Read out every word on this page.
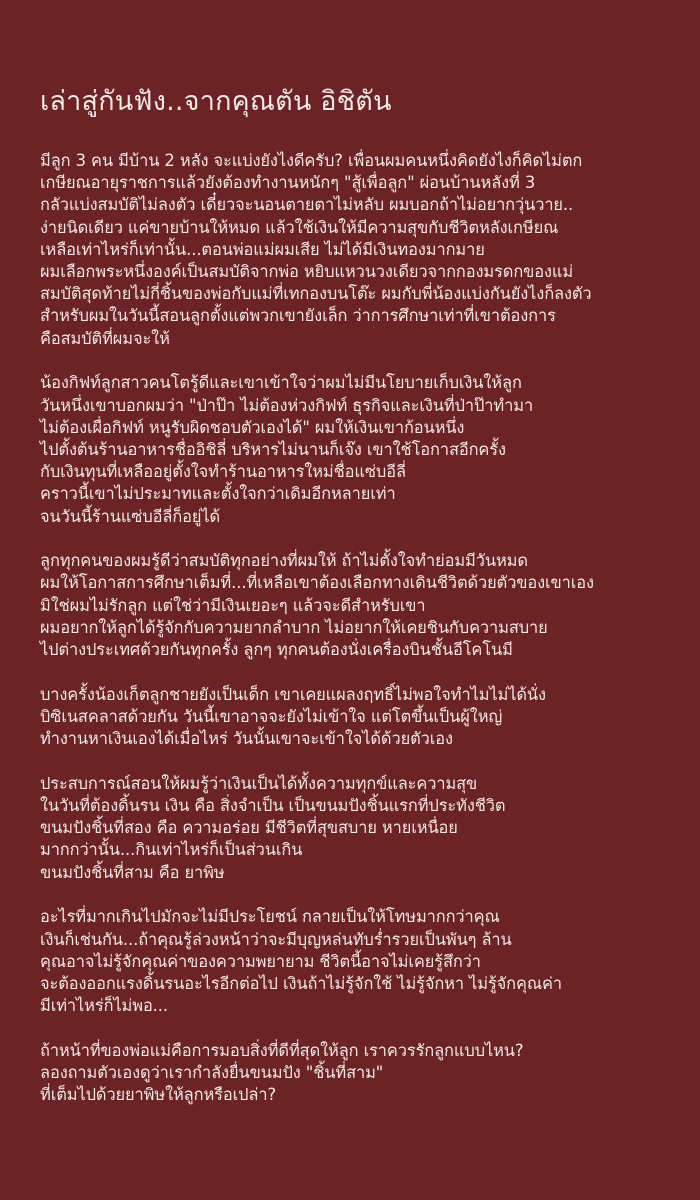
เล่าสู่กันฟัง..จากคุณตัน อิชิตัน
มีลูก 3 คน มีบ้าน 2 หลัง จะแบ่งยังไงดีครับ? เพื่อนผมคนหนึ่งคิดยังไงก็คิดไม่ตก
เกษียณอายุราชการแล้วยังต้องทำงานหนักๆ "สู้เพื่อลูก" ผ่อนบ้านหลังที่ 3
กลัวแบ่งสมบัติไม่ลงตัว เดี๋ยวจะนอนตายตาไม่หลับ ผมบอกถ้าไม่อยากวุ่นวาย..
ง่ายนิดเดียว แค่ขายบ้านให้หมด แล้วใช้เงินให้มีความสุขกับชีวิตหลังเกษียณ
เหลือเท่าไหร่ก็เท่านั้น...ตอนพ่อแม่ผมเสีย ไม่ได้มีเงินทองมากมาย
ผมเลือกพระหนึ่งองค์เป็นสมบัติจากพ่อ หยิบแหวนวงเดียวจากกองมรดกของแม่
สมบัติสุดท้ายไม่กี่ชิ้นของพ่อกับแม่ที่เทกองบนโต๊ะ ผมกับพี่น้องแบ่งกันยังไงก็ลงตัว
สำหรับผมในวันนี้สอนลูกตั้งแต่พวกเขายังเล็ก ว่าการศึกษาเท่าที่เขาต้องการ
คือสมบัติที่ผมจะให้
น้องกิฟท์ลูกสาวคนโตรู้ดีและเขาเข้าใจว่าผมไม่มีนโยบายเก็บเงินให้ลูก
วันหนึ่งเขาบอกผมว่า "ป่าป๊า ไม่ต้องห่วงกิฟท์ ธุรกิจและเงินที่ป่าป๊าทำมา
ไม่ต้องเผื่อกิฟท์ หนูรับผิดชอบตัวเองได้" ผมให้เงินเขาก้อนหนึ่ง
ไปตั้งต้นร้านอาหารชื่ออิชิลี่ บริหารไม่นานก็เจ๊ง เขาใช้โอกาสอีกครั้ง
กับเงินทุนที่เหลืออยู่ตั้งใจทำร้านอาหารใหม่ชื่อแซ่บอีลี่
คราวนี้เขาไม่ประมาทและตั้งใจกว่าเดิมอีกหลายเท่า
จนวันนี้ร้านแซ่บอีลี่ก็อยู่ได้
ลูกทุกคนของผมรู้ดีว่าสมบัติทุกอย่างที่ผมให้ ถ้าไม่ตั้งใจทำย่อมมีวันหมด
ผมให้โอกาสการศึกษาเต็มที่...ที่เหลือเขาต้องเลือกทางเดินชีวิตด้วยตัวของเขาเอง
มิใช่ผมไม่รักลูก แต่ใช่ว่ามีเงินเยอะๆ แล้วจะดีสำหรับเขา
ผมอยากให้ลูกได้รู้จักกับความยากลำบาก ไม่อยากให้เคยชินกับความสบาย
ไปต่างประเทศด้วยกันทุกครั้ง ลูกๆ ทุกคนต้องนั่งเครื่องบินชั้นอีโคโนมี
บางครั้งน้องเก็ตลูกชายยังเป็นเด็ก เขาเคยแผลงฤทธิ์ไม่พอใจทำไมไม่ได้นั่ง
บิซิเนสคลาสด้วยกัน วันนี้เขาอาจจะยังไม่เข้าใจ แต่โตขึ้นเป็นผู้ใหญ่
ทำงานหาเงินเองได้เมื่อไหร่ วันนั้นเขาจะเข้าใจได้ด้วยตัวเอง
ประสบการณ์สอนให้ผมรู้ว่าเงินเป็นได้ทั้งความทุกข์และความสุข
ในวันที่ต้องดิ้นรน เงิน คือ สิ่งจำเป็น เป็นขนมปังชิ้นแรกที่ประทังชีวิต
ขนมปังชิ้นที่สอง คือ ความอร่อย มีชีวิตที่สุขสบาย หายเหนื่อย
มากกว่านั้น...กินเท่าไหร่ก็เป็นส่วนเกิน
ขนมปังชิ้นที่สาม คือ ยาพิษ
อะไรที่มากเกินไปมักจะไม่มีประโยชน์ กลายเป็นให้โทษมากกว่าคุณ
เงินก็เช่นกัน...ถ้าคุณรู้ล่วงหน้าว่าจะมีบุญหล่นทับร่ำรวยเป็นพันๆ ล้าน
คุณอาจไม่รู้จักคุณค่าของความพยายาม ชีวิตนี้อาจไม่เคยรู้สึกว่า
จะต้องออกแรงดิ้นรนอะไรอีกต่อไป เงินถ้าไม่รู้จักใช้ ไม่รู้จักหา ไม่รู้จักคุณค่า
มีเท่าไหร่ก็ไม่พอ...
ถ้าหน้าที่ของพ่อแม่คือการมอบสิ่งที่ดีที่สุดให้ลูก เราควรรักลูกแบบไหน?
ลองถามตัวเองดูว่าเรากำลังยื่นขนมปัง "ชิ้นที่สาม"
ที่เต็มไปด้วยยาพิษให้ลูกหรือเปล่า?
